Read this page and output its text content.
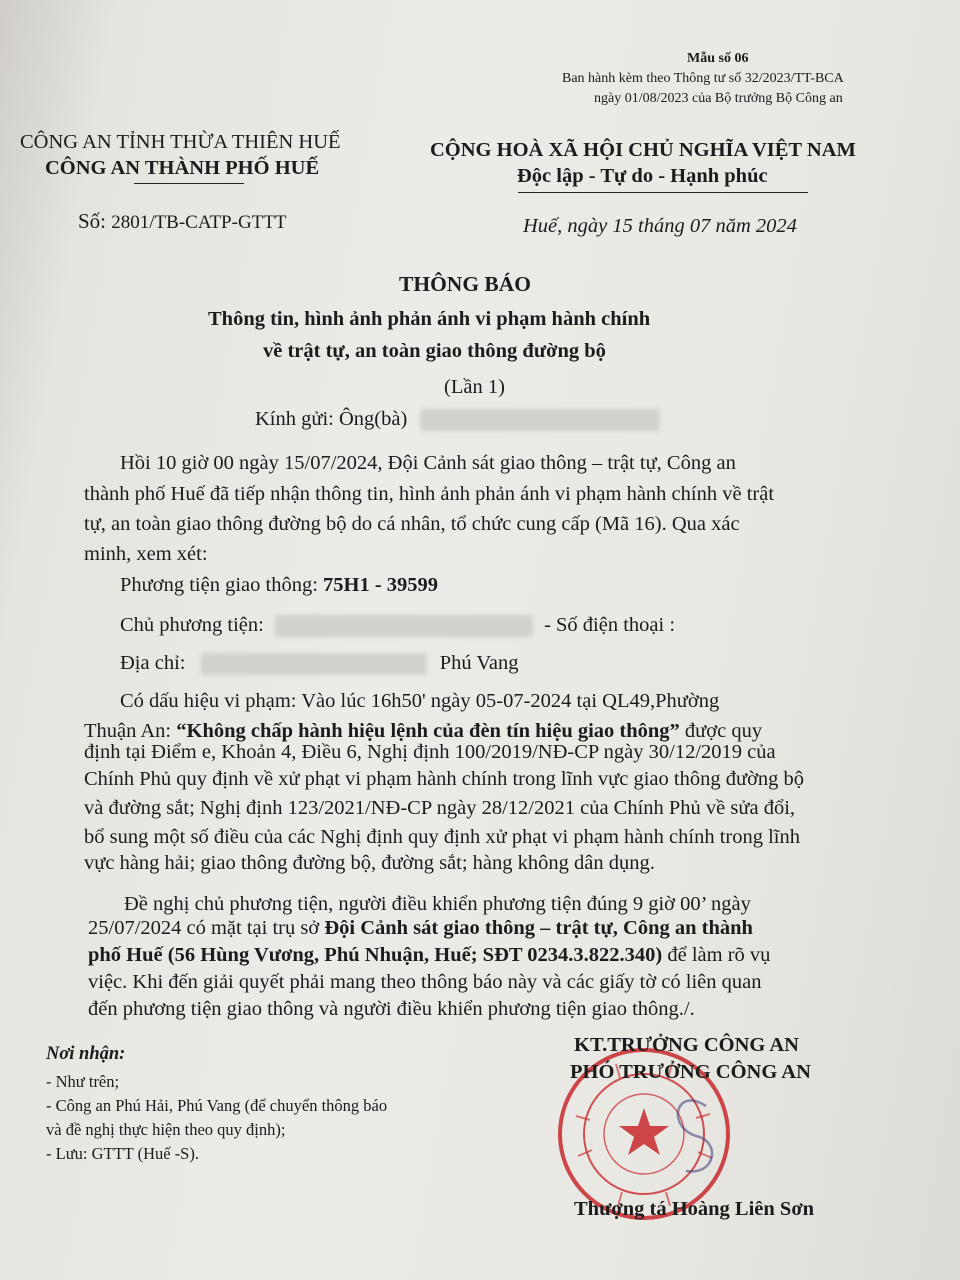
Mẫu số 06
Ban hành kèm theo Thông tư số 32/2023/TT-BCA
ngày 01/08/2023 của Bộ trưởng Bộ Công an
CÔNG AN TỈNH THỪA THIÊN HUẾ
CÔNG AN THÀNH PHỐ HUẾ
Số: 2801/TB-CATP-GTTT
CỘNG HOÀ XÃ HỘI CHỦ NGHĨA VIỆT NAM
Độc lập - Tự do - Hạnh phúc
Huế, ngày 15 tháng 07 năm 2024
THÔNG BÁO
Thông tin, hình ảnh phản ánh vi phạm hành chính
về trật tự, an toàn giao thông đường bộ
(Lần 1)
Kính gửi: Ông(bà)
Hồi 10 giờ 00 ngày 15/07/2024, Đội Cảnh sát giao thông – trật tự, Công an
thành phố Huế đã tiếp nhận thông tin, hình ảnh phản ánh vi phạm hành chính về trật
tự, an toàn giao thông đường bộ do cá nhân, tổ chức cung cấp (Mã 16). Qua xác
minh, xem xét:
Phương tiện giao thông: 75H1 - 39599
Chủ phương tiện:	- Số điện thoại :
Địa chỉ:	Phú Vang
Có dấu hiệu vi phạm: Vào lúc 16h50' ngày 05-07-2024 tại QL49,Phường
Thuận An: “Không chấp hành hiệu lệnh của đèn tín hiệu giao thông” được quy
định tại Điểm e, Khoản 4, Điều 6, Nghị định 100/2019/NĐ-CP ngày 30/12/2019 của
Chính Phủ quy định về xử phạt vi phạm hành chính trong lĩnh vực giao thông đường bộ
và đường sắt; Nghị định 123/2021/NĐ-CP ngày 28/12/2021 của Chính Phủ về sửa đổi,
bổ sung một số điều của các Nghị định quy định xử phạt vi phạm hành chính trong lĩnh
vực hàng hải; giao thông đường bộ, đường sắt; hàng không dân dụng.
Đề nghị chủ phương tiện, người điều khiển phương tiện đúng 9 giờ 00’ ngày
25/07/2024 có mặt tại trụ sở Đội Cảnh sát giao thông – trật tự, Công an thành
phố Huế (56 Hùng Vương, Phú Nhuận, Huế; SĐT 0234.3.822.340) để làm rõ vụ
việc. Khi đến giải quyết phải mang theo thông báo này và các giấy tờ có liên quan
đến phương tiện giao thông và người điều khiển phương tiện giao thông./.
Nơi nhận:
- Như trên;
- Công an Phú Hải, Phú Vang (để chuyển thông báo
và đề nghị thực hiện theo quy định);
- Lưu: GTTT (Huế -S).
KT.TRƯỞNG CÔNG AN
PHÓ TRƯỞNG CÔNG AN
Thượng tá Hoàng Liên Sơn
